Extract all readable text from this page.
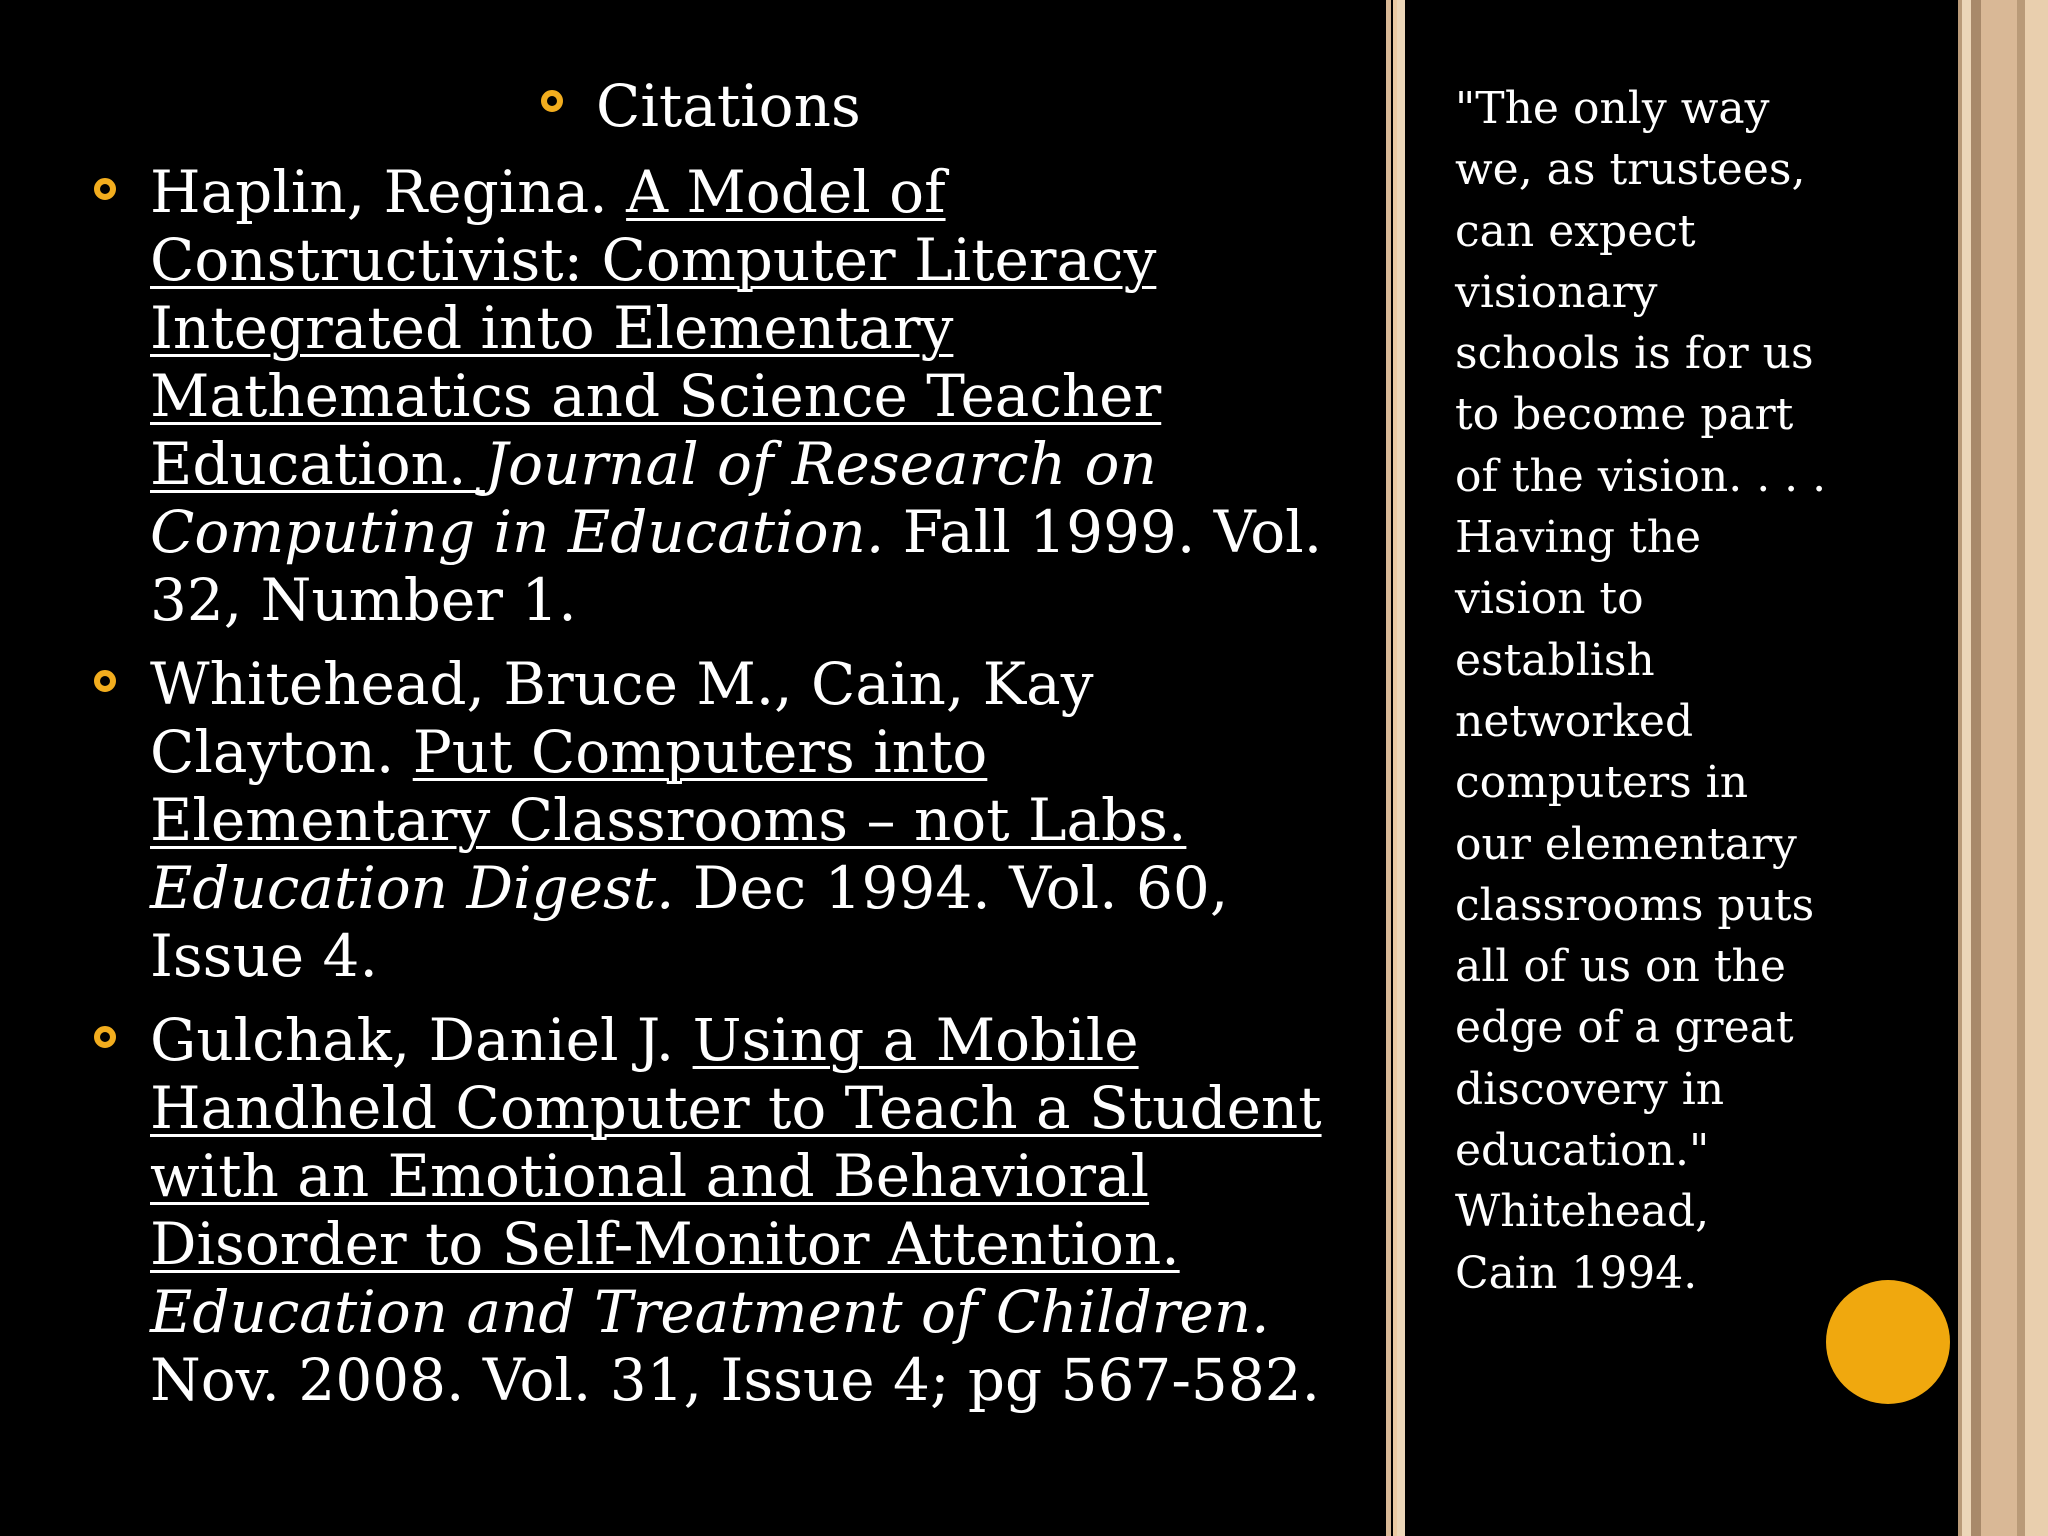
Citations
Haplin, Regina. A Model of
Constructivist: Computer Literacy
Integrated into Elementary
Mathematics and Science Teacher
Education. Journal of Research on
Computing in Education. Fall 1999. Vol.
32, Number 1.
Whitehead, Bruce M., Cain, Kay
Clayton. Put Computers into
Elementary Classrooms – not Labs.
Education Digest. Dec 1994. Vol. 60,
Issue 4.
Gulchak, Daniel J. Using a Mobile
Handheld Computer to Teach a Student
with an Emotional and Behavioral
Disorder to Self-Monitor Attention.
Education and Treatment of Children.
Nov. 2008. Vol. 31, Issue 4; pg 567-582.
"The only way
we, as trustees,
can expect
visionary
schools is for us
to become part
of the vision. . . .
Having the
vision to
establish
networked
computers in
our elementary
classrooms puts
all of us on the
edge of a great
discovery in
education."
Whitehead,
Cain 1994.
